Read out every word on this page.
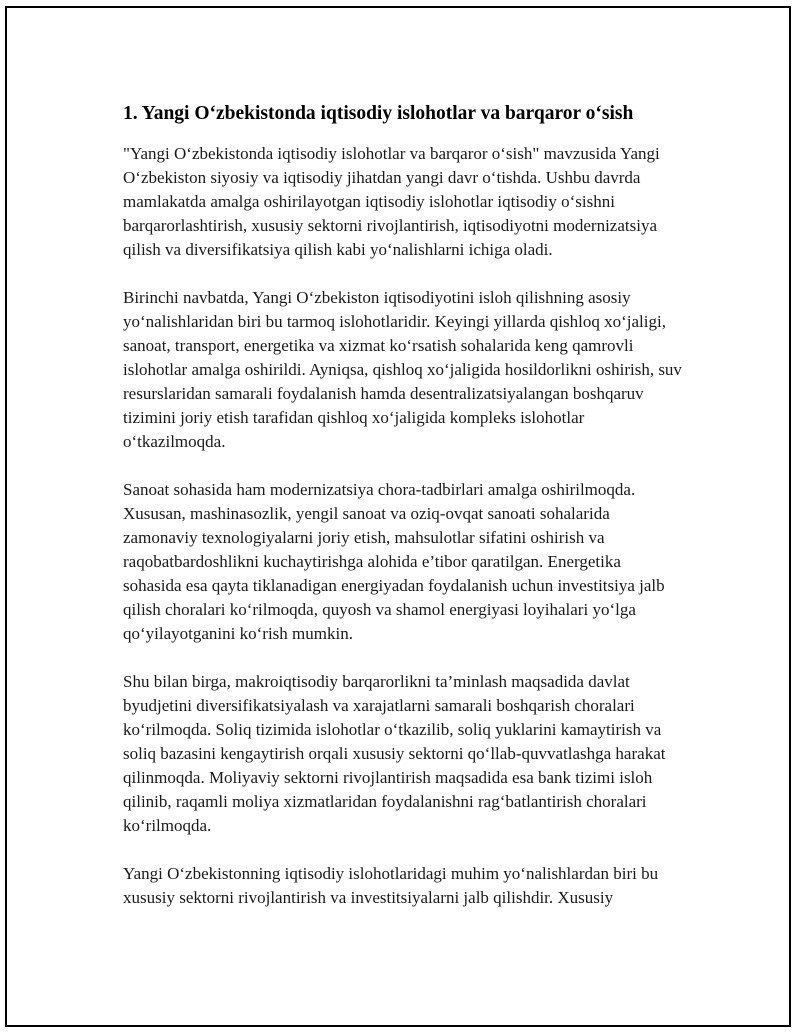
1. Yangi O‘zbekistonda iqtisodiy islohotlar va barqaror o‘sish

"Yangi O‘zbekistonda iqtisodiy islohotlar va barqaror o‘sish" mavzusida Yangi O‘zbekiston siyosiy va iqtisodiy jihatdan yangi davr o‘tishda. Ushbu davrda mamlakatda amalga oshirilayotgan iqtisodiy islohotlar iqtisodiy o‘sishni barqarorlashtirish, xususiy sektorni rivojlantirish, iqtisodiyotni modernizatsiya qilish va diversifikatsiya qilish kabi yo‘nalishlarni ichiga oladi.

Birinchi navbatda, Yangi O‘zbekiston iqtisodiyotini isloh qilishning asosiy yo‘nalishlaridan biri bu tarmoq islohotlaridir. Keyingi yillarda qishloq xo‘jaligi, sanoat, transport, energetika va xizmat ko‘rsatish sohalarida keng qamrovli islohotlar amalga oshirildi. Ayniqsa, qishloq xo‘jaligida hosildorlikni oshirish, suv resurslaridan samarali foydalanish hamda desentralizatsiyalangan boshqaruv tizimini joriy etish tarafidan qishloq xo‘jaligida kompleks islohotlar o‘tkazilmoqda.

Sanoat sohasida ham modernizatsiya chora-tadbirlari amalga oshirilmoqda. Xususan, mashinasozlik, yengil sanoat va oziq-ovqat sanoati sohalarida zamonaviy texnologiyalarni joriy etish, mahsulotlar sifatini oshirish va raqobatbardoshlikni kuchaytirishga alohida e’tibor qaratilgan. Energetika sohasida esa qayta tiklanadigan energiyadan foydalanish uchun investitsiya jalb qilish choralari ko‘rilmoqda, quyosh va shamol energiyasi loyihalari yo‘lga qo‘yilayotganini ko‘rish mumkin.

Shu bilan birga, makroiqtisodiy barqarorlikni ta’minlash maqsadida davlat byudjetini diversifikatsiyalash va xarajatlarni samarali boshqarish choralari ko‘rilmoqda. Soliq tizimida islohotlar o‘tkazilib, soliq yuklarini kamaytirish va soliq bazasini kengaytirish orqali xususiy sektorni qo‘llab-quvvatlashga harakat qilinmoqda. Moliyaviy sektorni rivojlantirish maqsadida esa bank tizimi isloh qilinib, raqamli moliya xizmatlaridan foydalanishni rag‘batlantirish choralari ko‘rilmoqda.

Yangi O‘zbekistonning iqtisodiy islohotlaridagi muhim yo‘nalishlardan biri bu xususiy sektorni rivojlantirish va investitsiyalarni jalb qilishdir. Xususiy
